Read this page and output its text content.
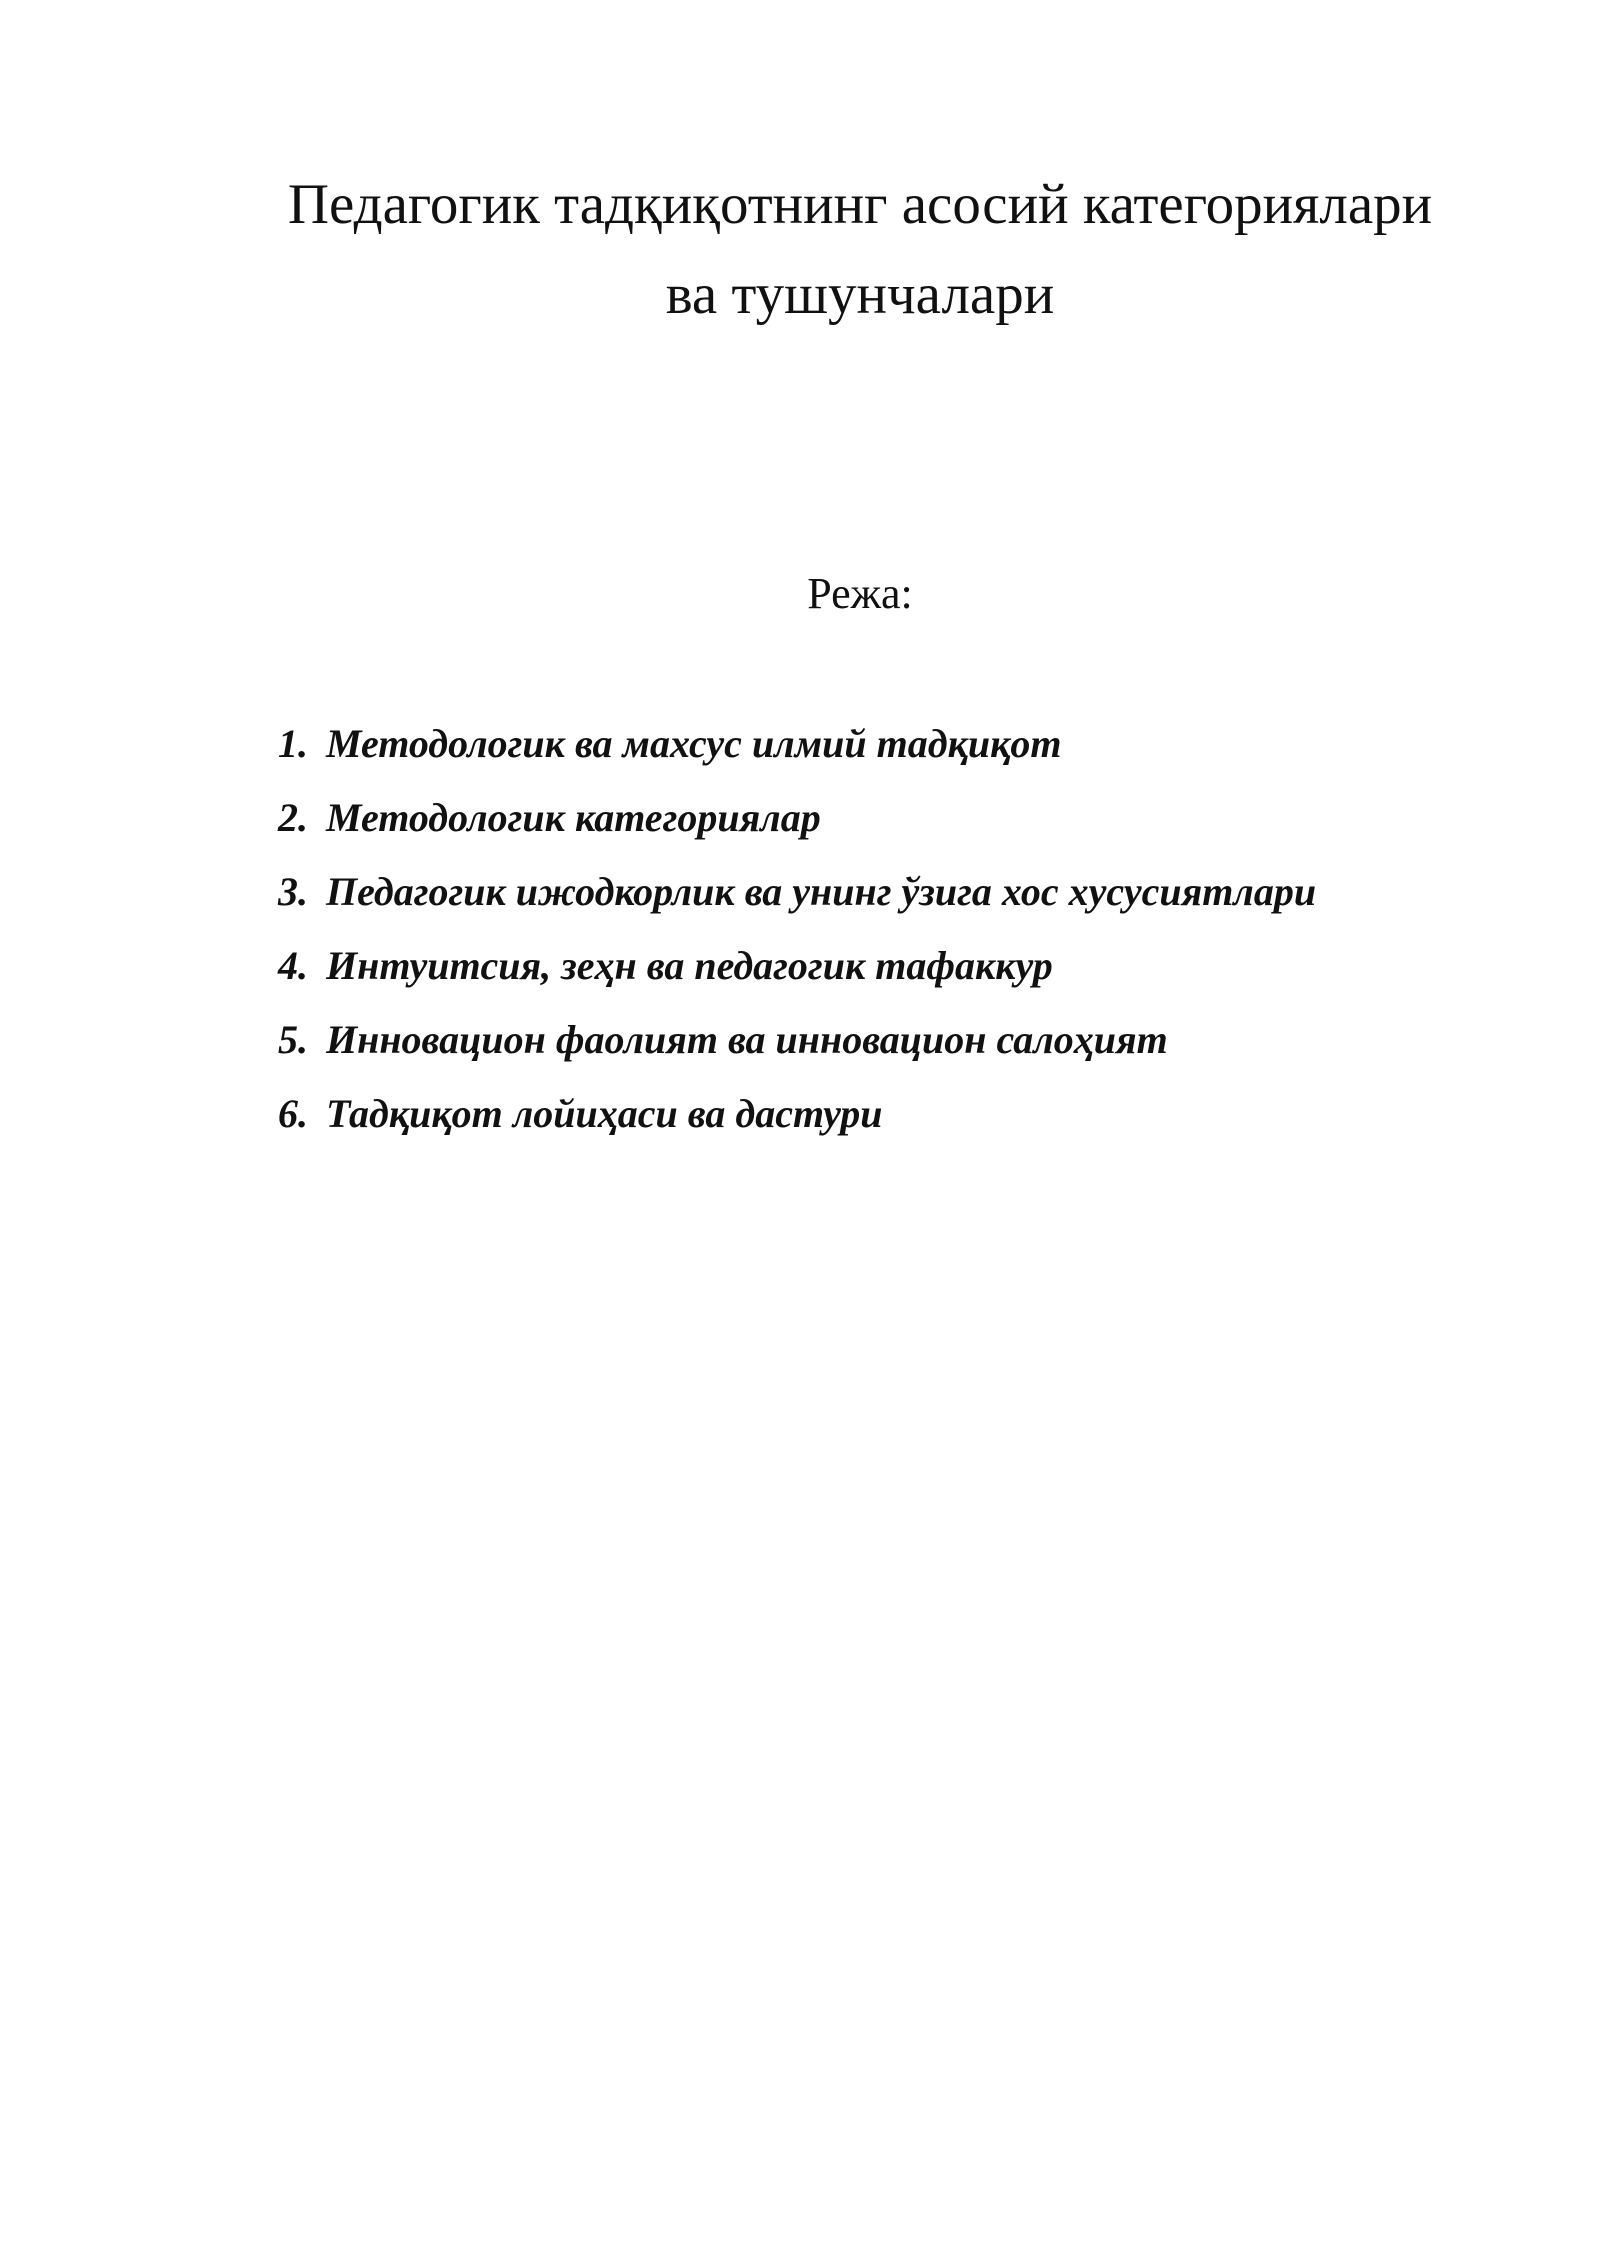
Педагогик тадқиқотнинг асосий категориялари
ва тушунчалари
Режа:
1. Методологик ва махсус илмий тадқиқот
2. Методологик категориялар
3. Педагогик ижодкорлик ва унинг ўзига хос хусусиятлари
4. Интуитсия, зеҳн ва педагогик тафаккур
5. Инновацион фаолият ва инновацион салоҳият
6. Тадқиқот лойиҳаси ва дастури
